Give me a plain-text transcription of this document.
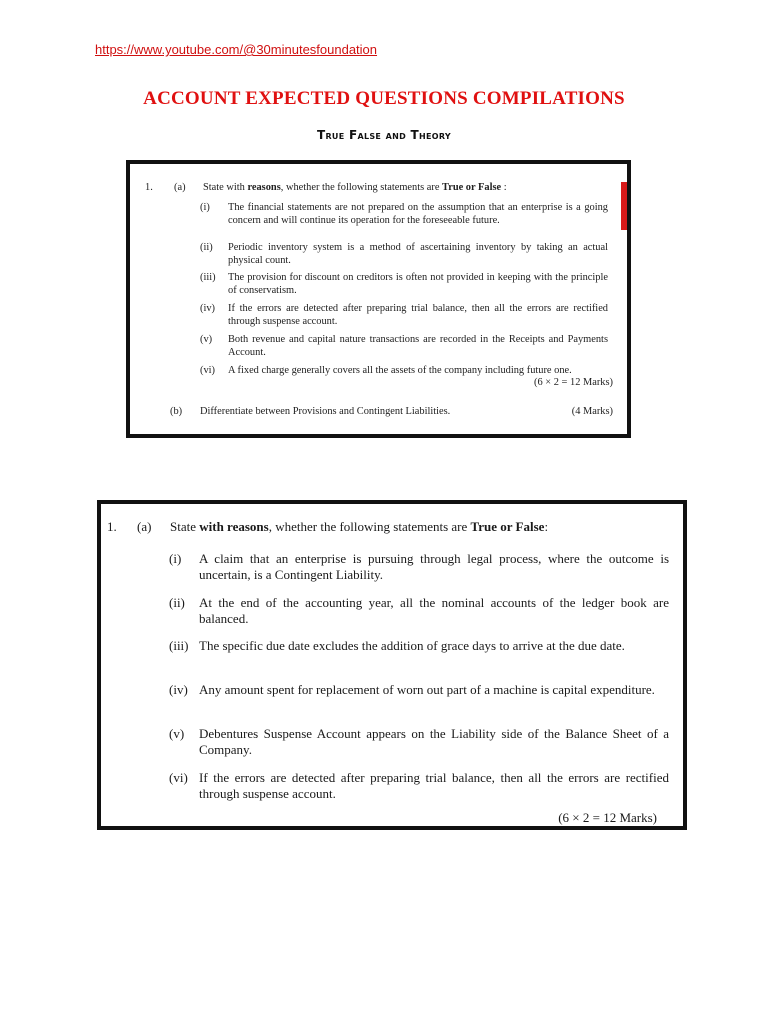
https://www.youtube.com/@30minutesfoundation
ACCOUNT EXPECTED QUESTIONS COMPILATIONS
True False and Theory
1. (a) State with reasons, whether the following statements are True or False :
(i) The financial statements are not prepared on the assumption that an enterprise is a going concern and will continue its operation for the foreseeable future.
(ii) Periodic inventory system is a method of ascertaining inventory by taking an actual physical count.
(iii) The provision for discount on creditors is often not provided in keeping with the principle of conservatism.
(iv) If the errors are detected after preparing trial balance, then all the errors are rectified through suspense account.
(v) Both revenue and capital nature transactions are recorded in the Receipts and Payments Account.
(vi) A fixed charge generally covers all the assets of the company including future one.
(6 × 2 = 12 Marks)
(b) Differentiate between Provisions and Contingent Liabilities.	(4 Marks)
1. (a) State with reasons, whether the following statements are True or False:
(i) A claim that an enterprise is pursuing through legal process, where the outcome is uncertain, is a Contingent Liability.
(ii) At the end of the accounting year, all the nominal accounts of the ledger book are balanced.
(iii) The specific due date excludes the addition of grace days to arrive at the due date.
(iv) Any amount spent for replacement of worn out part of a machine is capital expenditure.
(v) Debentures Suspense Account appears on the Liability side of the Balance Sheet of a Company.
(vi) If the errors are detected after preparing trial balance, then all the errors are rectified through suspense account.
(6 × 2 = 12 Marks)
